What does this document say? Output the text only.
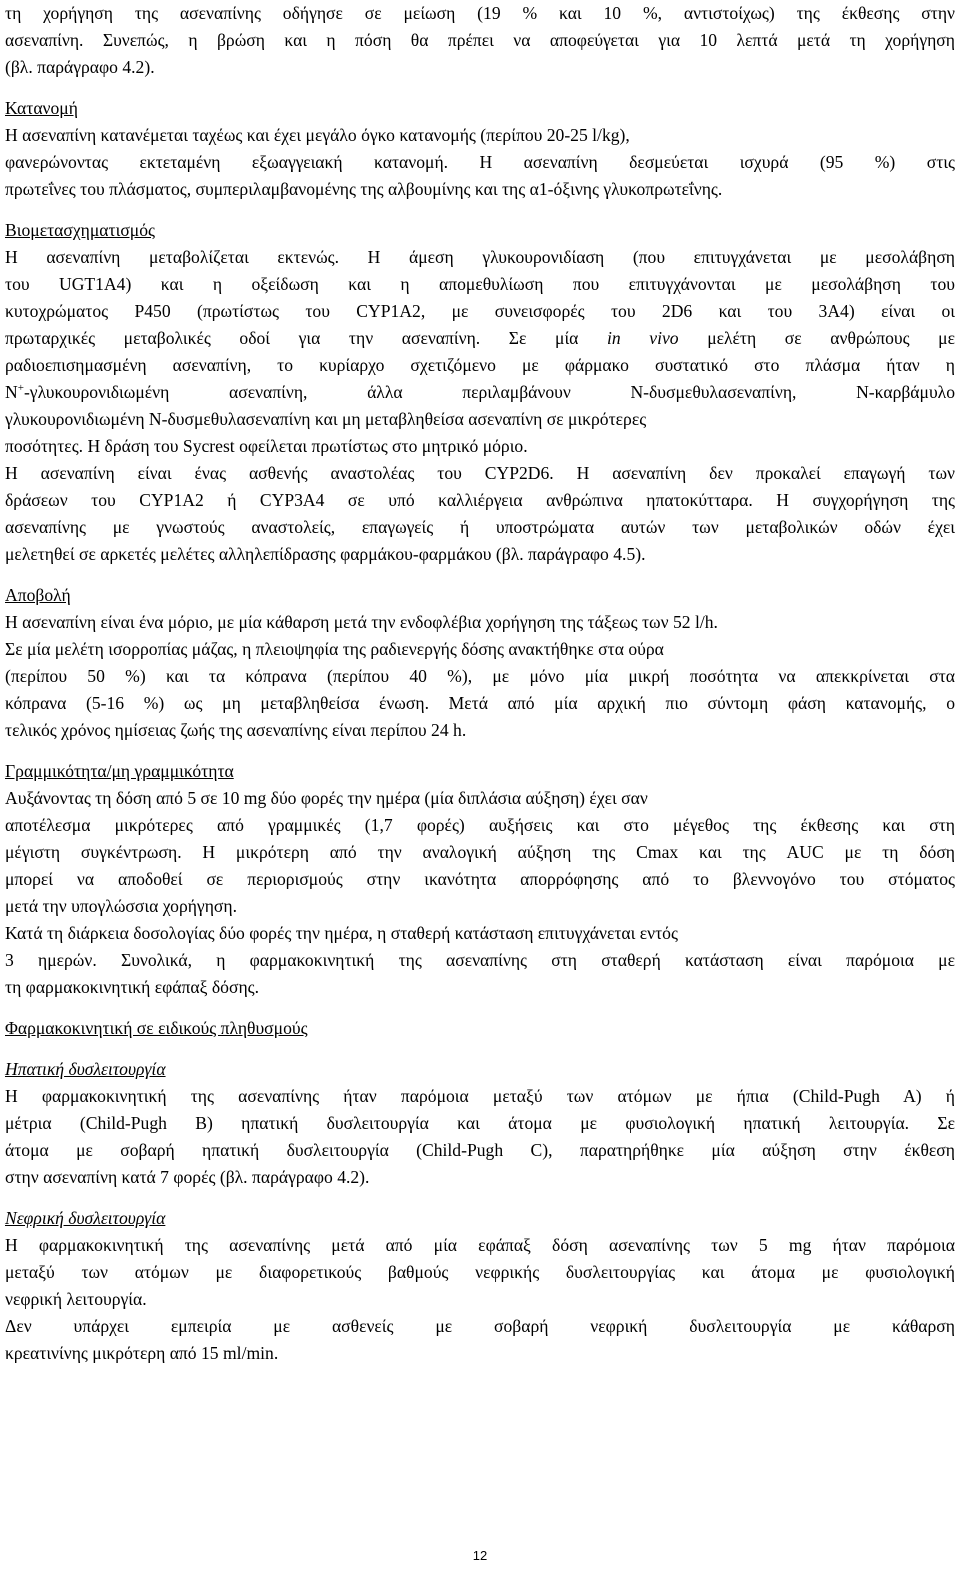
τη χορήγηση της ασεναπίνης οδήγησε σε μείωση (19 % και 10 %, αντιστοίχως) της έκθεσης στην
ασεναπίνη. Συνεπώς, η βρώση και η πόση θα πρέπει να αποφεύγεται για 10 λεπτά μετά τη χορήγηση
(βλ. παράγραφο 4.2).
Κατανομή
Η ασεναπίνη κατανέμεται ταχέως και έχει μεγάλο όγκο κατανομής (περίπου 20-25 l/kg),
φανερώνοντας εκτεταμένη εξωαγγειακή κατανομή. Η ασεναπίνη δεσμεύεται ισχυρά (95 %) στις
πρωτεΐνες του πλάσματος, συμπεριλαμβανομένης της αλβουμίνης και της α1-όξινης γλυκοπρωτεΐνης.
Βιομετασχηματισμός
Η ασεναπίνη μεταβολίζεται εκτενώς. Η άμεση γλυκουρονιδίαση (που επιτυγχάνεται με μεσολάβηση
του UGT1A4) και η οξείδωση και η απομεθυλίωση που επιτυγχάνονται με μεσολάβηση του
κυτοχρώματος P450 (πρωτίστως του CYP1A2, με συνεισφορές του 2D6 και του 3A4) είναι οι
πρωταρχικές μεταβολικές οδοί για την ασεναπίνη. Σε μία in vivo μελέτη σε ανθρώπους με
ραδιοεπισημασμένη ασεναπίνη, το κυρίαρχο σχετιζόμενο με φάρμακο συστατικό στο πλάσμα ήταν η
N+-γλυκουρονιδιωμένη ασεναπίνη, άλλα περιλαμβάνουν N-δυσμεθυλασεναπίνη, N-καρβάμυλο
γλυκουρονιδιωμένη N-δυσμεθυλασεναπίνη και μη μεταβληθείσα ασεναπίνη σε μικρότερες
ποσότητες. Η δράση του Sycrest οφείλεται πρωτίστως στο μητρικό μόριο.
Η ασεναπίνη είναι ένας ασθενής αναστολέας του CYP2D6. Η ασεναπίνη δεν προκαλεί επαγωγή των
δράσεων του CYP1A2 ή CYP3A4 σε υπό καλλιέργεια ανθρώπινα ηπατοκύτταρα. Η συγχορήγηση της
ασεναπίνης με γνωστούς αναστολείς, επαγωγείς ή υποστρώματα αυτών των μεταβολικών οδών έχει
μελετηθεί σε αρκετές μελέτες αλληλεπίδρασης φαρμάκου-φαρμάκου (βλ. παράγραφο 4.5).
Αποβολή
Η ασεναπίνη είναι ένα μόριο, με μία κάθαρση μετά την ενδοφλέβια χορήγηση της τάξεως των 52 l/h.
Σε μία μελέτη ισορροπίας μάζας, η πλειοψηφία της ραδιενεργής δόσης ανακτήθηκε στα ούρα
(περίπου 50 %) και τα κόπρανα (περίπου 40 %), με μόνο μία μικρή ποσότητα να απεκκρίνεται στα
κόπρανα (5-16 %) ως μη μεταβληθείσα ένωση. Μετά από μία αρχική πιο σύντομη φάση κατανομής, ο
τελικός χρόνος ημίσειας ζωής της ασεναπίνης είναι περίπου 24 h.
Γραμμικότητα/μη γραμμικότητα
Αυξάνοντας τη δόση από 5 σε 10 mg δύο φορές την ημέρα (μία διπλάσια αύξηση) έχει σαν
αποτέλεσμα μικρότερες από γραμμικές (1,7 φορές) αυξήσεις και στο μέγεθος της έκθεσης και στη
μέγιστη συγκέντρωση. Η μικρότερη από την αναλογική αύξηση της Cmax και της AUC με τη δόση
μπορεί να αποδοθεί σε περιορισμούς στην ικανότητα απορρόφησης από το βλεννογόνο του στόματος
μετά την υπογλώσσια χορήγηση.
Κατά τη διάρκεια δοσολογίας δύο φορές την ημέρα, η σταθερή κατάσταση επιτυγχάνεται εντός
3 ημερών. Συνολικά, η φαρμακοκινητική της ασεναπίνης στη σταθερή κατάσταση είναι παρόμοια με
τη φαρμακοκινητική εφάπαξ δόσης.
Φαρμακοκινητική σε ειδικούς πληθυσμούς
Ηπατική δυσλειτουργία
Η φαρμακοκινητική της ασεναπίνης ήταν παρόμοια μεταξύ των ατόμων με ήπια (Child-Pugh A) ή
μέτρια (Child-Pugh B) ηπατική δυσλειτουργία και άτομα με φυσιολογική ηπατική λειτουργία. Σε
άτομα με σοβαρή ηπατική δυσλειτουργία (Child-Pugh C), παρατηρήθηκε μία αύξηση στην έκθεση
στην ασεναπίνη κατά 7 φορές (βλ. παράγραφο 4.2).
Νεφρική δυσλειτουργία
Η φαρμακοκινητική της ασεναπίνης μετά από μία εφάπαξ δόση ασεναπίνης των 5 mg ήταν παρόμοια
μεταξύ των ατόμων με διαφορετικούς βαθμούς νεφρικής δυσλειτουργίας και άτομα με φυσιολογική
νεφρική λειτουργία.
Δεν υπάρχει εμπειρία με ασθενείς με σοβαρή νεφρική δυσλειτουργία με κάθαρση
κρεατινίνης μικρότερη από 15 ml/min.
12
